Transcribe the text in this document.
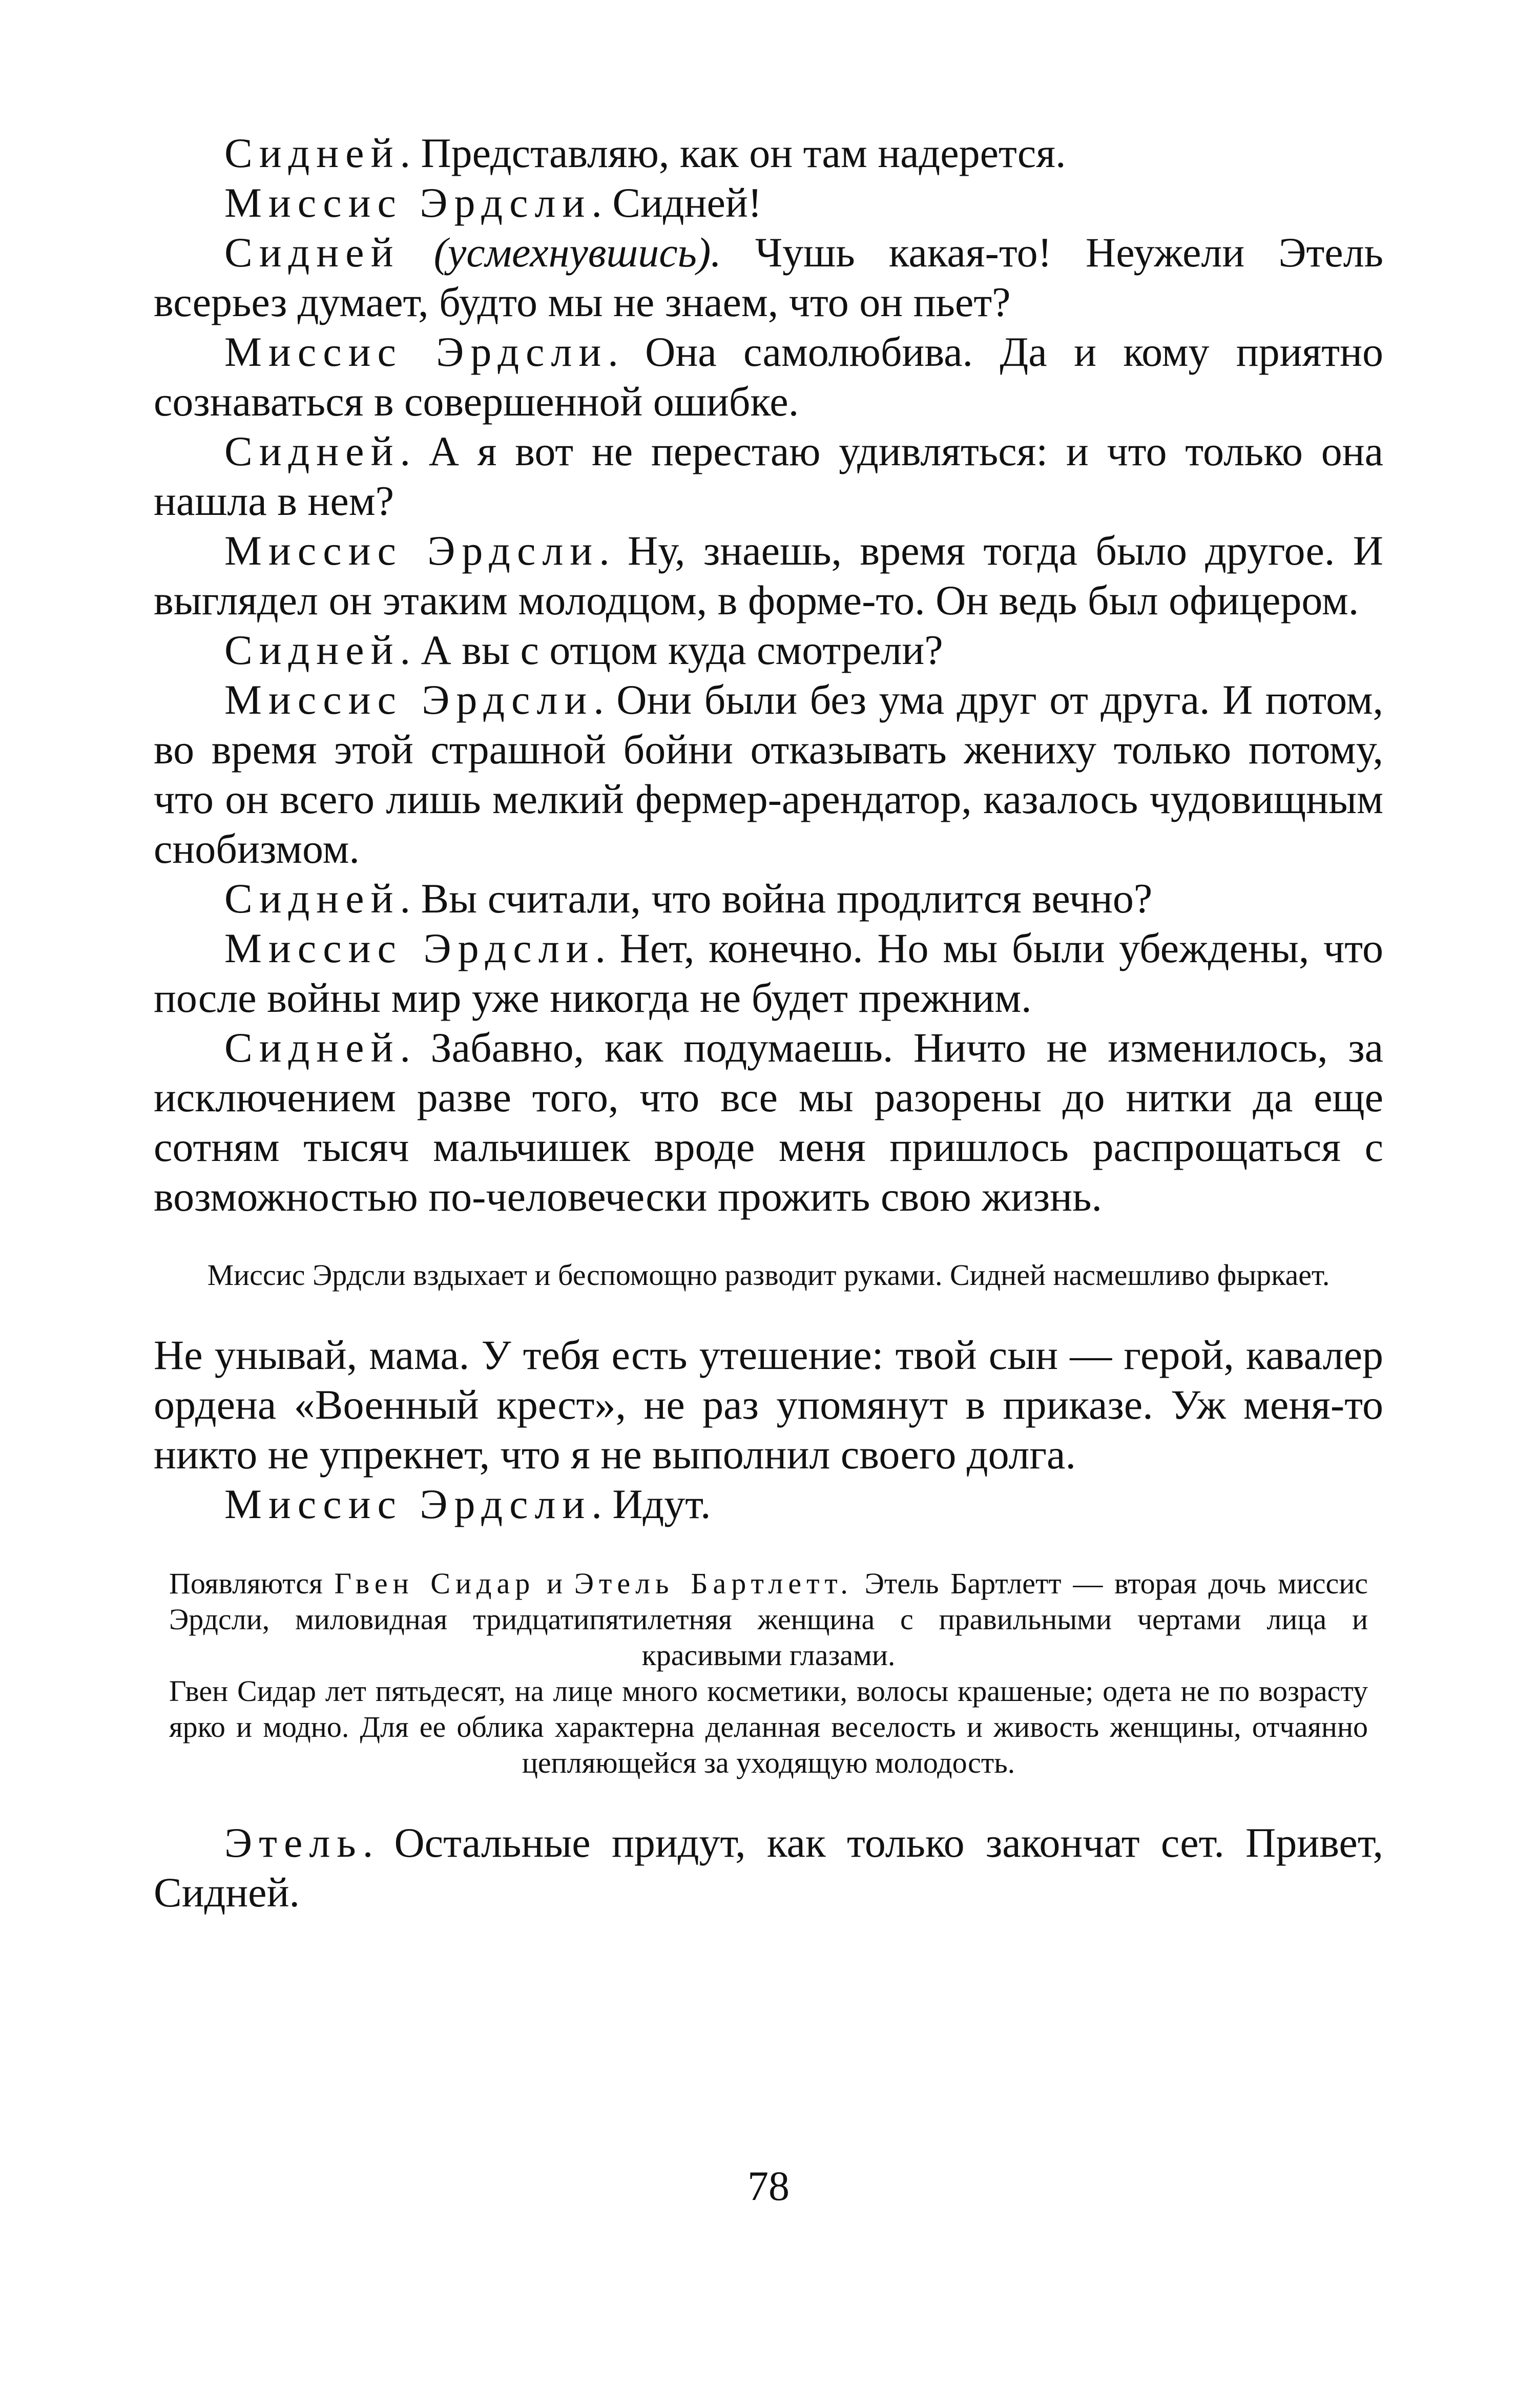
Сидней. Представляю, как он там надерется.

Миссис Эрдсли. Сидней!

Сидней (усмехнувшись). Чушь какая-то! Неужели Этель всерьез думает, будто мы не знаем, что он пьет?

Миссис Эрдсли. Она самолюбива. Да и кому приятно сознаваться в совершенной ошибке.

Сидней. А я вот не перестаю удивляться: и что только она нашла в нем?

Миссис Эрдсли. Ну, знаешь, время тогда было другое. И выглядел он этаким молодцом, в форме-то. Он ведь был офицером.

Сидней. А вы с отцом куда смотрели?

Миссис Эрдсли. Они были без ума друг от друга. И потом, во время этой страшной бойни отказывать жениху только потому, что он всего лишь мелкий фермер-арендатор, казалось чудовищным снобизмом.

Сидней. Вы считали, что война продлится вечно?

Миссис Эрдсли. Нет, конечно. Но мы были убеждены, что после войны мир уже никогда не будет прежним.

Сидней. Забавно, как подумаешь. Ничто не изменилось, за исключением разве того, что все мы разорены до нитки да еще сотням тысяч мальчишек вроде меня пришлось распрощаться с возможностью по-человечески прожить свою жизнь.

Миссис Эрдсли вздыхает и беспомощно разводит руками. Сидней насмешливо фыркает.

Не унывай, мама. У тебя есть утешение: твой сын — герой, кавалер ордена «Военный крест», не раз упомянут в приказе. Уж меня-то никто не упрекнет, что я не выполнил своего долга.

Миссис Эрдсли. Идут.

Появляются Гвен Сидар и Этель Бартлетт. Этель Бартлетт — вторая дочь миссис Эрдсли, миловидная тридцатипятилетняя женщина с правильными чертами лица и красивыми глазами.

Гвен Сидар лет пятьдесят, на лице много косметики, волосы крашеные; одета не по возрасту ярко и модно. Для ее облика характерна деланная веселость и живость женщины, отчаянно цепляющейся за уходящую молодость.

Этель. Остальные придут, как только закончат сет. Привет, Сидней.

78
